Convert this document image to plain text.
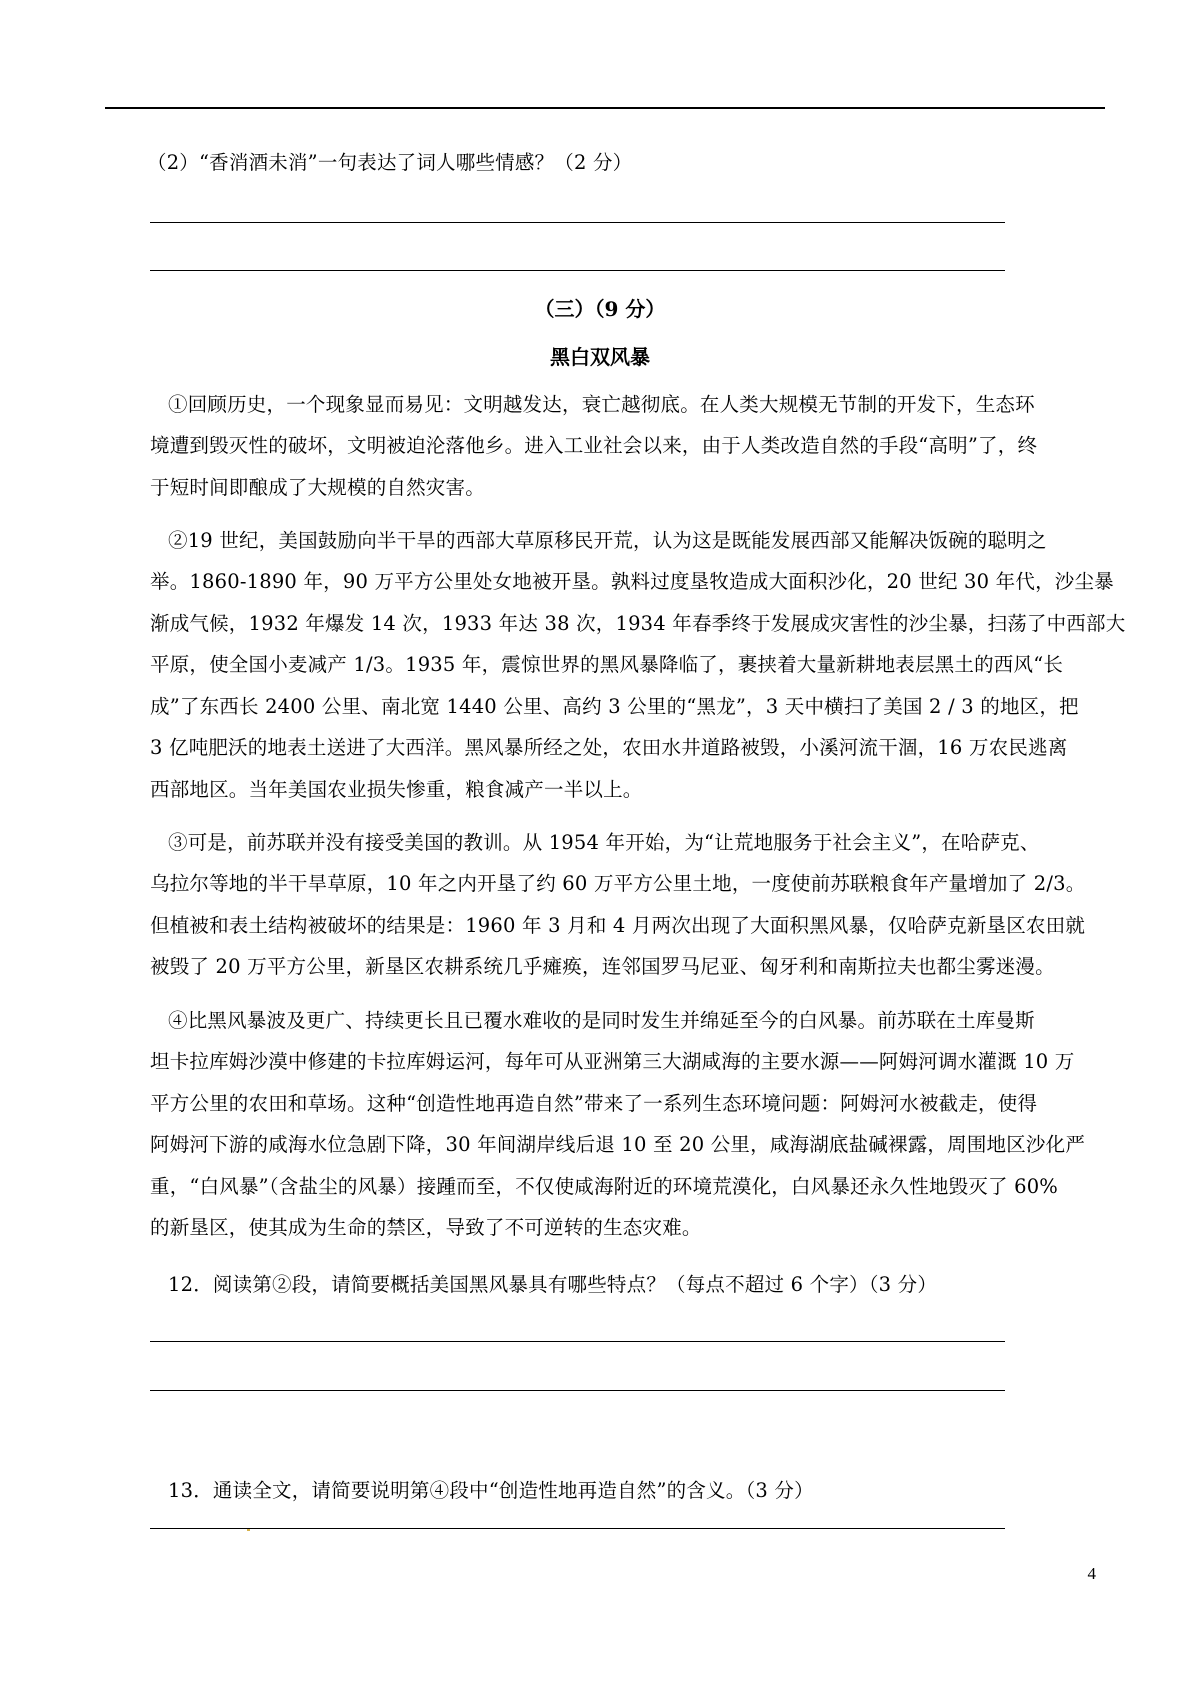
（2）“香消酒未消”一句表达了词人哪些情感？（2 分）
（三）（9 分）
黑白双风暴
①回顾历史，一个现象显而易见：文明越发达，衰亡越彻底。在人类大规模无节制的开发下，生态环
境遭到毁灭性的破坏，文明被迫沦落他乡。进入工业社会以来，由于人类改造自然的手段“高明”了，终
于短时间即酿成了大规模的自然灾害。
②19 世纪，美国鼓励向半干旱的西部大草原移民开荒，认为这是既能发展西部又能解决饭碗的聪明之
举。1860-1890 年，90 万平方公里处女地被开垦。孰料过度垦牧造成大面积沙化，20 世纪 30 年代，沙尘暴
渐成气候，1932 年爆发 14 次，1933 年达 38 次，1934 年春季终于发展成灾害性的沙尘暴，扫荡了中西部大
平原，使全国小麦减产 1/3。1935 年，震惊世界的黑风暴降临了，裹挟着大量新耕地表层黑土的西风“长
成”了东西长 2400 公里、南北宽 1440 公里、高约 3 公里的“黑龙”，3 天中横扫了美国 2 / 3 的地区，把
3 亿吨肥沃的地表土送进了大西洋。黑风暴所经之处，农田水井道路被毁，小溪河流干涸，16 万农民逃离
西部地区。当年美国农业损失惨重，粮食减产一半以上。
③可是，前苏联并没有接受美国的教训。从 1954 年开始，为“让荒地服务于社会主义”，在哈萨克、
乌拉尔等地的半干旱草原，10 年之内开垦了约 60 万平方公里土地，一度使前苏联粮食年产量增加了 2/3。
但植被和表土结构被破坏的结果是：1960 年 3 月和 4 月两次出现了大面积黑风暴，仅哈萨克新垦区农田就
被毁了 20 万平方公里，新垦区农耕系统几乎瘫痪，连邻国罗马尼亚、匈牙利和南斯拉夫也都尘雾迷漫。
④比黑风暴波及更广、持续更长且已覆水难收的是同时发生并绵延至今的白风暴。前苏联在土库曼斯
坦卡拉库姆沙漠中修建的卡拉库姆运河，每年可从亚洲第三大湖咸海的主要水源——阿姆河调水灌溉 10 万
平方公里的农田和草场。这种“创造性地再造自然”带来了一系列生态环境问题：阿姆河水被截走，使得
阿姆河下游的咸海水位急剧下降，30 年间湖岸线后退 10 至 20 公里，咸海湖底盐碱裸露，周围地区沙化严
重，“白风暴”（含盐尘的风暴）接踵而至，不仅使咸海附近的环境荒漠化，白风暴还永久性地毁灭了 60%
的新垦区，使其成为生命的禁区，导致了不可逆转的生态灾难。
12．阅读第②段，请简要概括美国黑风暴具有哪些特点？（每点不超过 6 个字）（3 分）
13．通读全文，请简要说明第④段中“创造性地再造自然”的含义。（3 分）
4
